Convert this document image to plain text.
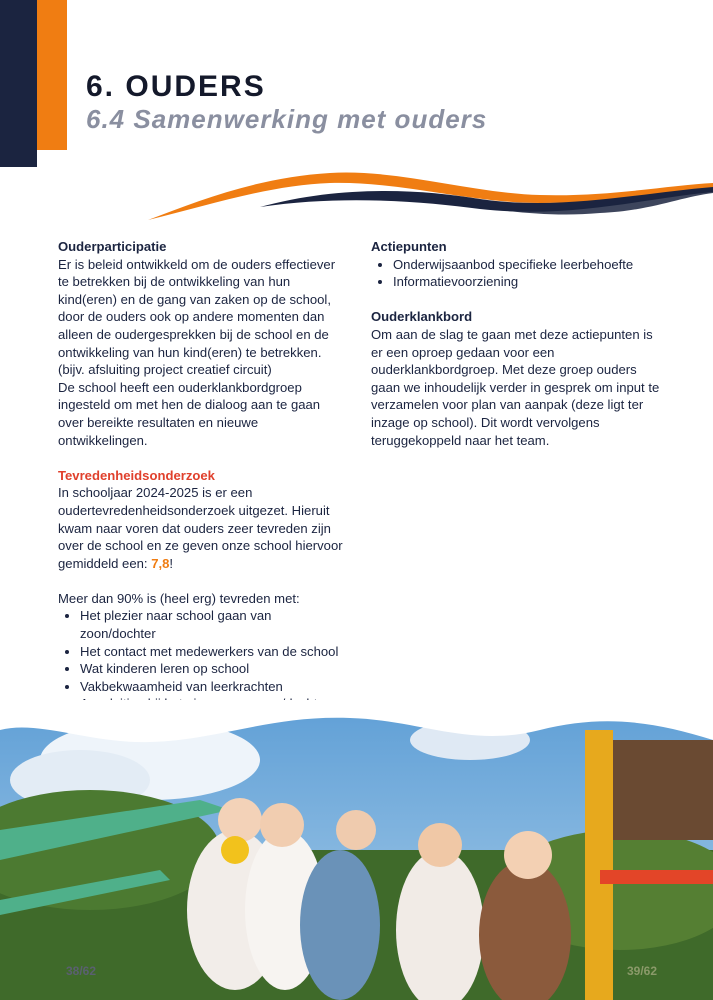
6. OUDERS
6.4 Samenwerking met ouders
Ouderparticipatie

Er is beleid ontwikkeld om de ouders effectiever te betrekken bij de ontwikkeling van hun kind(eren) en de gang van zaken op de school, door de ouders ook op andere momenten dan alleen de oudergesprekken bij de school en de ontwikkeling van hun kind(eren) te betrekken. (bijv. afsluiting project creatief circuit)

De school heeft een ouderklankbordgroep ingesteld om met hen de dialoog aan te gaan over bereikte resultaten en nieuwe ontwikkelingen.

Tevredenheidsonderzoek

In schooljaar 2024-2025 is er een oudertevredenheidsonderzoek uitgezet. Hieruit kwam naar voren dat ouders zeer tevreden zijn over de school en ze geven onze school hiervoor gemiddeld een: 7,8!

Meer dan 90% is (heel erg) tevreden met:

• Het plezier naar school gaan van zoon/dochter
• Het contact met medewerkers van de school
• Wat kinderen leren op school
• Vakbekwaamheid van leerkrachten
•
Actiepunten
• Onderwijsaanbod specifieke leerbehoefte
• Informatievoorziening
Ouderklankbord

Om aan de slag te gaan met deze actiepunten is er een oproep gedaan voor een ouderklankbordgroep. Met deze groep ouders gaan we inhoudelijk verder in gesprek om input te verzamelen voor plan van aanpak (deze ligt ter inzage op school). Dit wordt vervolgens teruggekoppeld naar het team.

38/62	39/62
